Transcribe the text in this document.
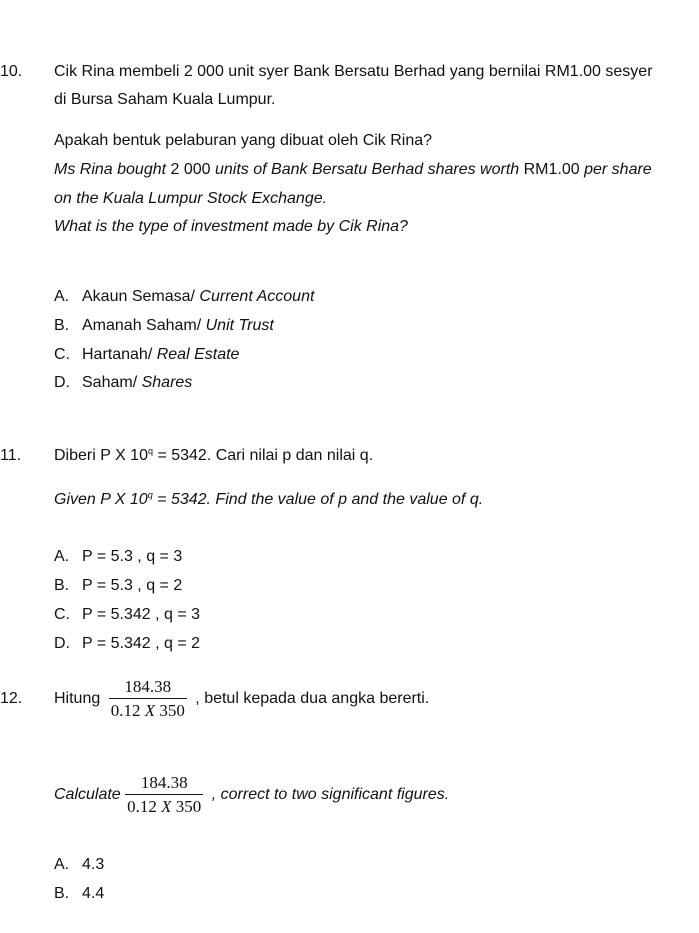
10. Cik Rina membeli 2 000 unit syer Bank Bersatu Berhad yang bernilai RM1.00 sesyer
di Bursa Saham Kuala Lumpur.
Apakah bentuk pelaburan yang dibuat oleh Cik Rina?
Ms Rina bought 2 000 units of Bank Bersatu Berhad shares worth RM1.00 per share
on the Kuala Lumpur Stock Exchange.
What is the type of investment made by Cik Rina?
A. Akaun Semasa/ Current Account
B. Amanah Saham/ Unit Trust
C. Hartanah/ Real Estate
D. Saham/ Shares
11. Diberi P X $10^q = 5342$. Cari nilai p dan nilai q.
Given P X $10^q = 5342$. Find the value of p and the value of q.
A. P = 5.3 , q = 3
B. P = 5.3 , q = 2
C. P = 5.342 , q = 3
D. P = 5.342 , q = 2
12. Hitung $\frac{184.38}{0.12 X 350}$ , betul kepada dua angka bererti.
Calculate $\frac{184.38}{0.12 X 350}$ , correct to two significant figures.
A. 4.3
B. 4.4
